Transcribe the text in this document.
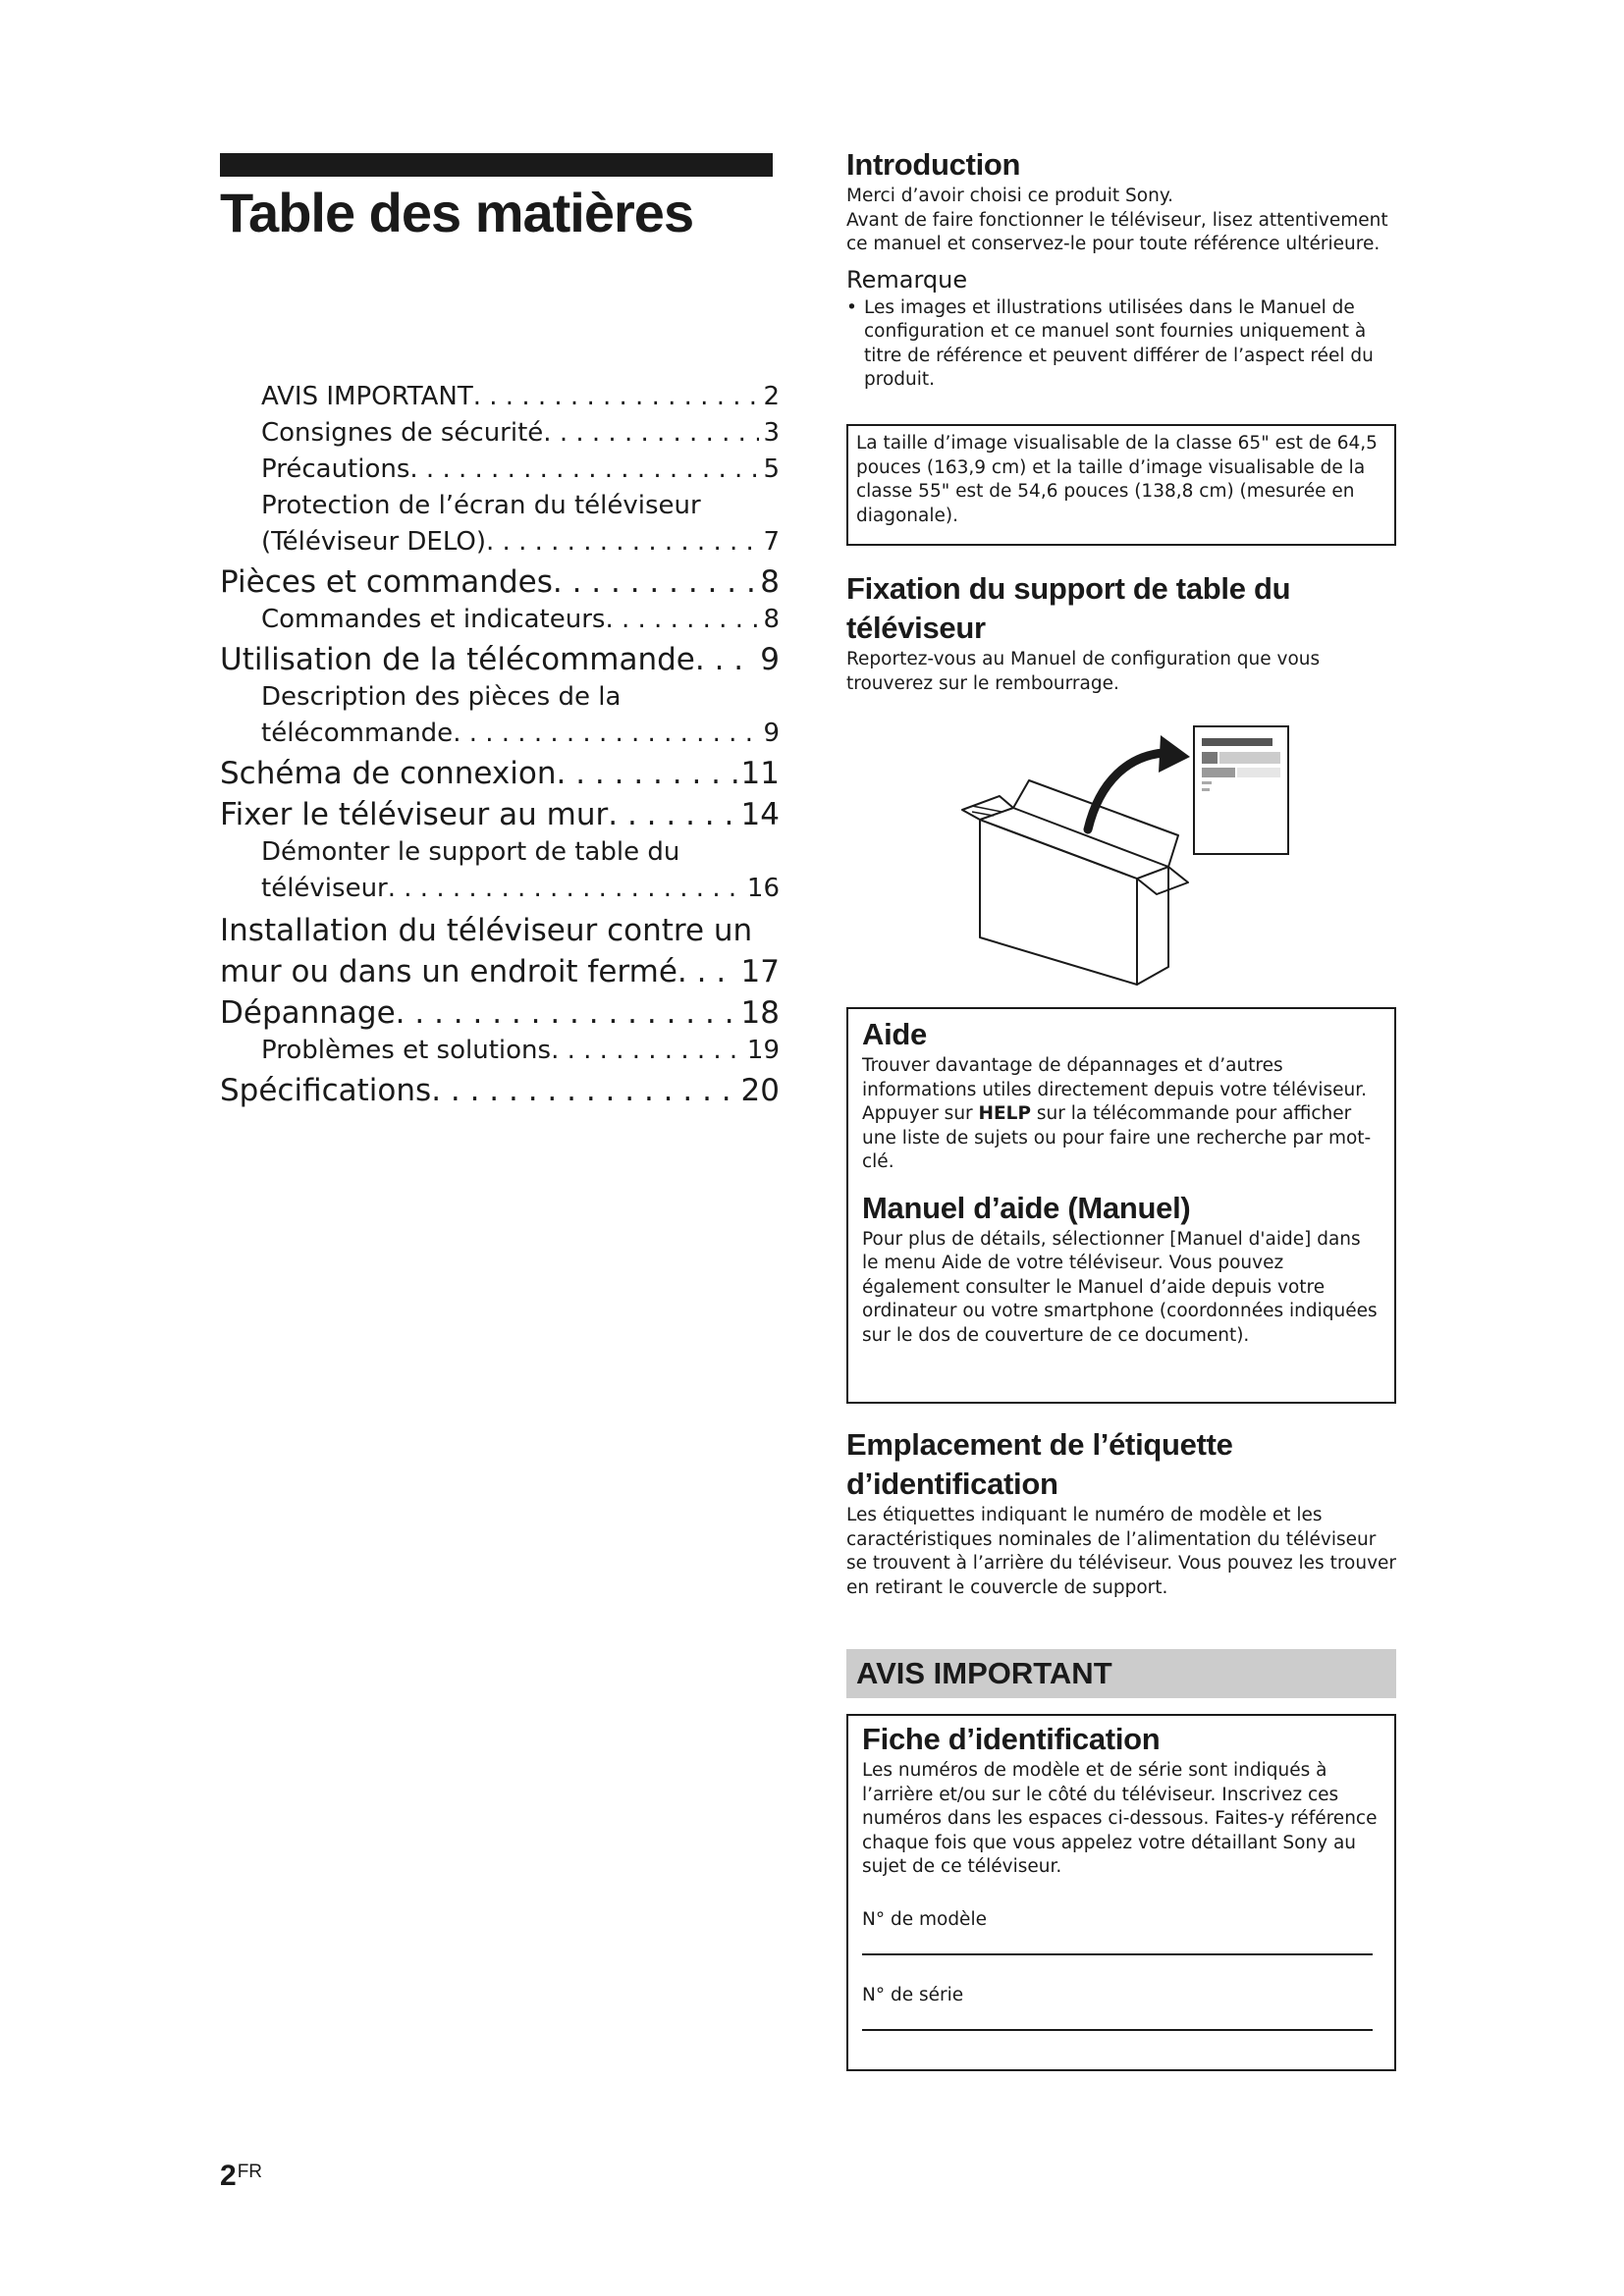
Table des matières
AVIS IMPORTANT . . .	2
Consignes de sécurité . . .	3
Précautions . . .	5
Protection de l’écran du téléviseur
(Téléviseur DELO) . . .	7
Pièces et commandes . . .	8
Commandes et indicateurs . . .	8
Utilisation de la télécommande . . . 9
Description des pièces de la
télécommande . . .	9
Schéma de connexion . . .	11
Fixer le téléviseur au mur . . .	14
Démonter le support de table du
téléviseur . . .	16
Installation du téléviseur contre un
mur ou dans un endroit fermé . . . 17
Dépannage . . .	18
Problèmes et solutions . . .	19
Spécifications . . .	20
$2^{FR}$
Introduction

Merci d’avoir choisi ce produit Sony.

Avant de faire fonctionner le téléviseur, lisez attentivement ce manuel et conservez-le pour toute référence ultérieure.

Remarque

• Les images et illustrations utilisées dans le Manuel de configuration et ce manuel sont fournies uniquement à titre de référence et peuvent différer de l’aspect réel du produit.

La taille d’image visualisable de la classe 65" est de 64,5 pouces (163,9 cm) et la taille d’image visualisable de la classe 55" est de 54,6 pouces (138,8 cm) (mesurée en diagonale).

Fixation du support de table du téléviseur

Reportez-vous au Manuel de configuration que vous trouverez sur le rembourrage.

Aide

Trouver davantage de dépannages et d’autres informations utiles directement depuis votre téléviseur. Appuyer sur HELP sur la télécommande pour afficher une liste de sujets ou pour faire une recherche par mot-clé.

Manuel d’aide (Manuel)

Pour plus de détails, sélectionner [Manuel d'aide] dans le menu Aide de votre téléviseur. Vous pouvez également consulter le Manuel d’aide depuis votre ordinateur ou votre smartphone (coordonnées indiquées sur le dos de couverture de ce document).

Emplacement de l’étiquette d’identification

Les étiquettes indiquant le numéro de modèle et les caractéristiques nominales de l’alimentation du téléviseur se trouvent à l’arrière du téléviseur. Vous pouvez les trouver en retirant le couvercle de support.

AVIS IMPORTANT
Fiche d’identification

Les numéros de modèle et de série sont indiqués à l’arrière et/ou sur le côté du téléviseur. Inscrivez ces numéros dans les espaces ci-dessous. Faites-y référence chaque fois que vous appelez votre détaillant Sony au sujet de ce téléviseur.

N° de modèle
N° de série
